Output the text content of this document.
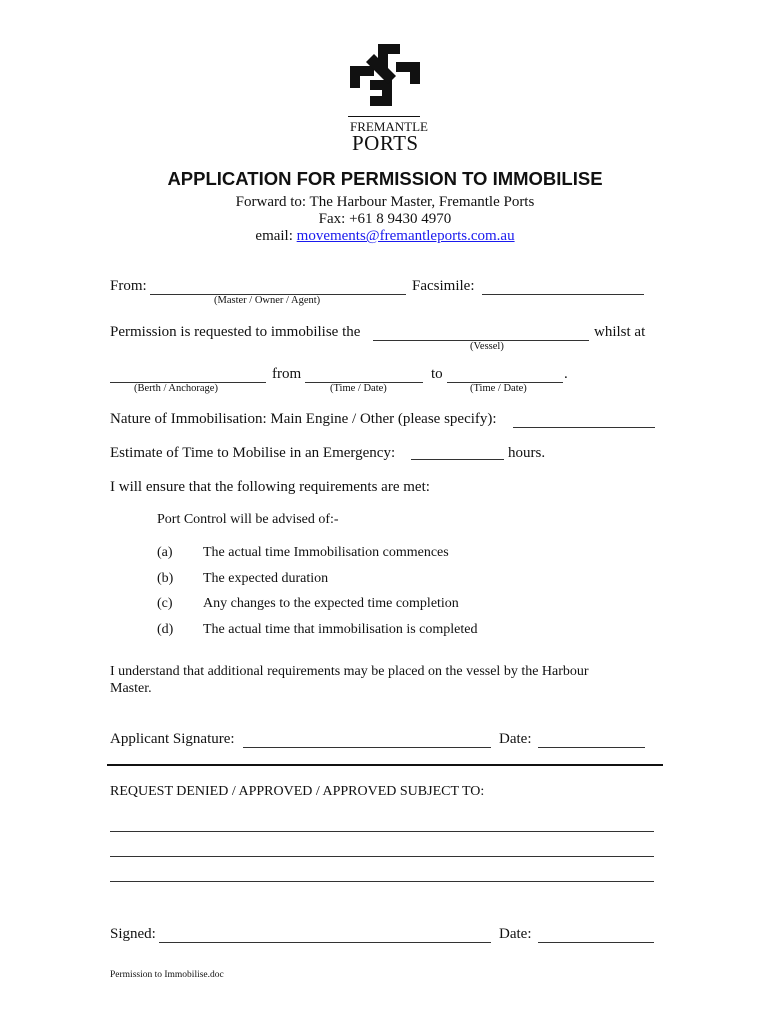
FREMANTLE
PORTS
APPLICATION FOR PERMISSION TO IMMOBILISE
Forward to: The Harbour Master, Fremantle Ports
Fax: +61 8 9430 4970
email: movements@fremantleports.com.au
From:
(Master / Owner / Agent)
Facsimile:
Permission is requested to immobilise the	whilst at
(Vessel)
from	to	.
(Berth / Anchorage)	(Time / Date)	(Time / Date)
Nature of Immobilisation: Main Engine / Other (please specify):
Estimate of Time to Mobilise in an Emergency:	hours.
I will ensure that the following requirements are met:
Port Control will be advised of:-
(a) The actual time Immobilisation commences
(b) The expected duration
(c) Any changes to the expected time completion
(d) The actual time that immobilisation is completed
I understand that additional requirements may be placed on the vessel by the Harbour
Master.
Applicant Signature:	Date:
REQUEST DENIED / APPROVED / APPROVED SUBJECT TO:
Signed:	Date:
Permission to Immobilise.doc
